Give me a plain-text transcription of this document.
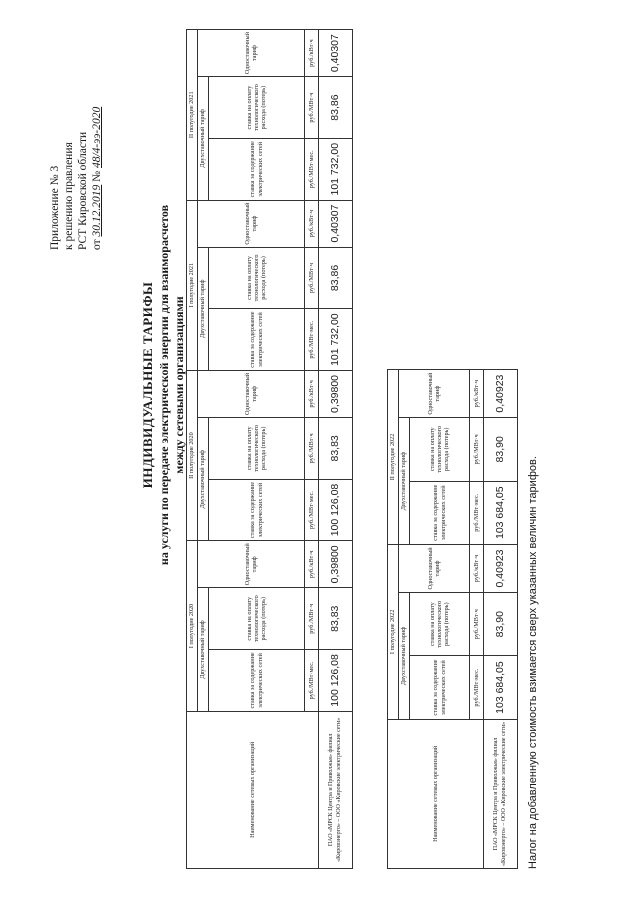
Приложение № 3 к решению правления РСТ Кировской области от 30.12.2019 № 48/4-ээ-2020
ИНДИВИДУАЛЬНЫЕ ТАРИФЫ на услуги по передаче электрической энергии для взаиморасчетов между сетевыми организациями
Наименование сетевых организаций	I полугодие 2020			II полугодие 2020			I полугодие 2021			II полугодие 2021		
	Двухставочный тариф		Одноставочный тариф	Двухставочный тариф		Одноставочный тариф	Двухставочный тариф		Одноставочный тариф	Двухставочный тариф		Одноставочный тариф
	ставка за содержание электрических сетей	ставка на оплату технологического расхода (потерь)		ставка за содержание электрических сетей	ставка на оплату технологического расхода (потерь)		ставка за содержание электрических сетей	ставка на оплату технологического расхода (потерь)		ставка за содержание электрических сетей	ставка на оплату технологического расхода (потерь)	
	руб./МВт·мес.	руб./МВт·ч	руб./кВт·ч	руб./МВт·мес.	руб./МВт·ч	руб./кВт·ч	руб./МВт·мес.	руб./МВт·ч	руб./кВт·ч	руб./МВт·мес.	руб./МВт·ч	руб./кВт·ч
ПАО «МРСК Центра и Приволжья» филиал «Кировэнерго» – ООО «Кировские электрические сети»	100 126,08	83,83	0,39800	100 126,08	83,83	0,39800	101 732,00	83,86	0,40307	101 732,00	83,86	0,40307
Наименование сетевых организаций	I полугодие 2022			II полугодие 2022		
	Двухставочный тариф		Одноставочный тариф	Двухставочный тариф		Одноставочный тариф
	ставка за содержание электрических сетей	ставка на оплату технологического расхода (потерь)		ставка за содержание электрических сетей	ставка на оплату технологического расхода (потерь)	
	руб./МВт·мес.	руб./МВт·ч	руб./кВт·ч	руб./МВт·мес.	руб./МВт·ч	руб./кВт·ч
ПАО «МРСК Центра и Приволжья» филиал «Кировэнерго» – ООО «Кировские электрические сети»	103 684,05	83,90	0,40923	103 684,05	83,90	0,40923
Налог на добавленную стоимость взимается сверх указанных величин тарифов.
